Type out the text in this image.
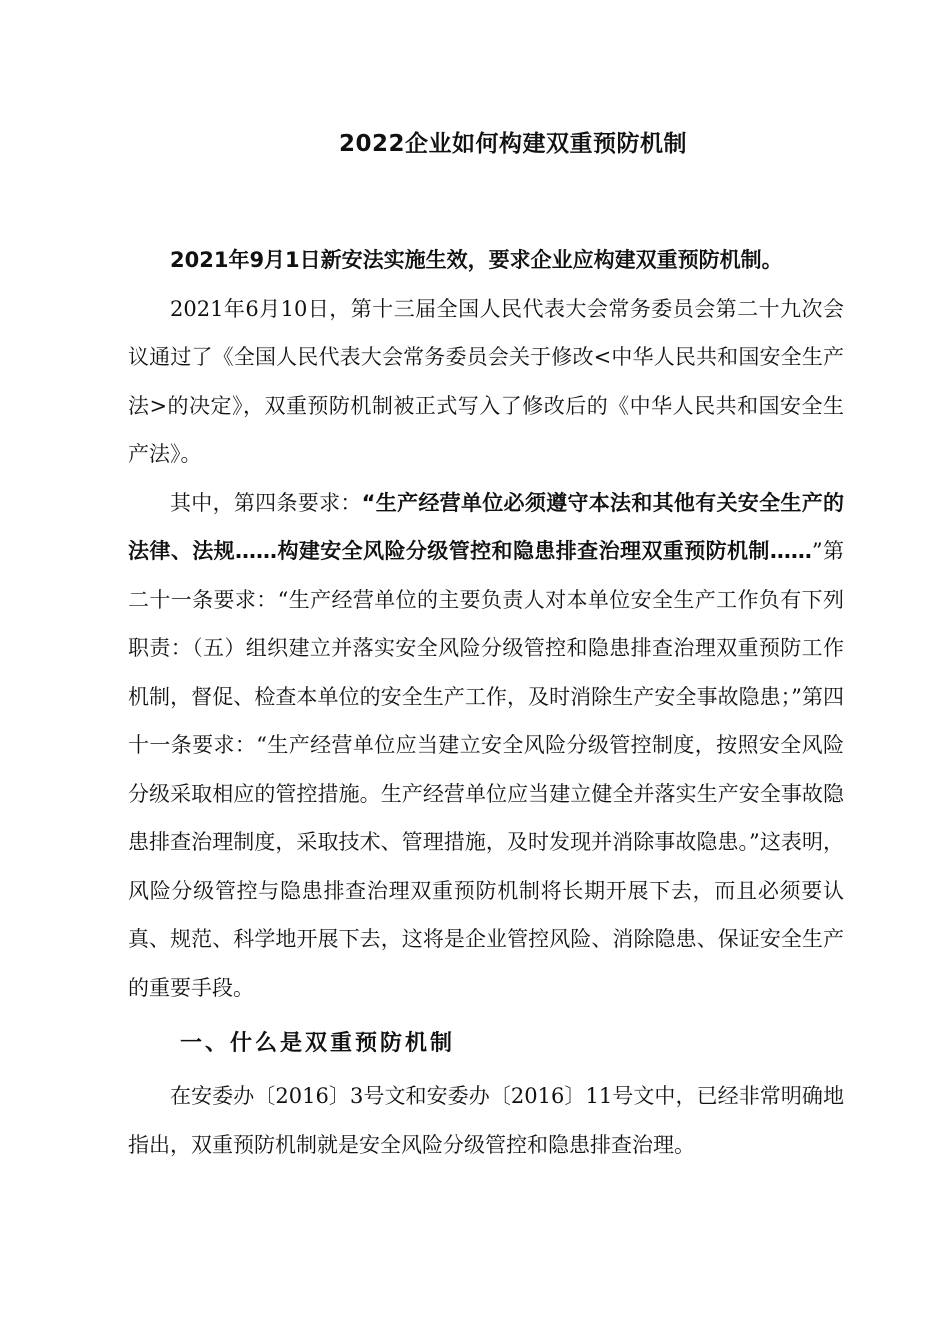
2022企业如何构建双重预防机制

2021年9月1日新安法实施生效，要求企业应构建双重预防机制。

2021年6月10日，第十三届全国人民代表大会常务委员会第二十九次会议通过了《全国人民代表大会常务委员会关于修改<中华人民共和国安全生产法>的决定》，双重预防机制被正式写入了修改后的《中华人民共和国安全生产法》。

其中，第四条要求：“生产经营单位必须遵守本法和其他有关安全生产的法律、法规……构建安全风险分级管控和隐患排查治理双重预防机制……”第二十一条要求：“生产经营单位的主要负责人对本单位安全生产工作负有下列职责：（五）组织建立并落实安全风险分级管控和隐患排查治理双重预防工作机制，督促、检查本单位的安全生产工作，及时消除生产安全事故隐患；”第四十一条要求：“生产经营单位应当建立安全风险分级管控制度，按照安全风险分级采取相应的管控措施。生产经营单位应当建立健全并落实生产安全事故隐患排查治理制度，采取技术、管理措施，及时发现并消除事故隐患。”这表明，风险分级管控与隐患排查治理双重预防机制将长期开展下去，而且必须要认真、规范、科学地开展下去，这将是企业管控风险、消除隐患、保证安全生产的重要手段。

一、什么是双重预防机制

在安委办〔2016〕3号文和安委办〔2016〕11号文中，已经非常明确地指出，双重预防机制就是安全风险分级管控和隐患排查治理。
